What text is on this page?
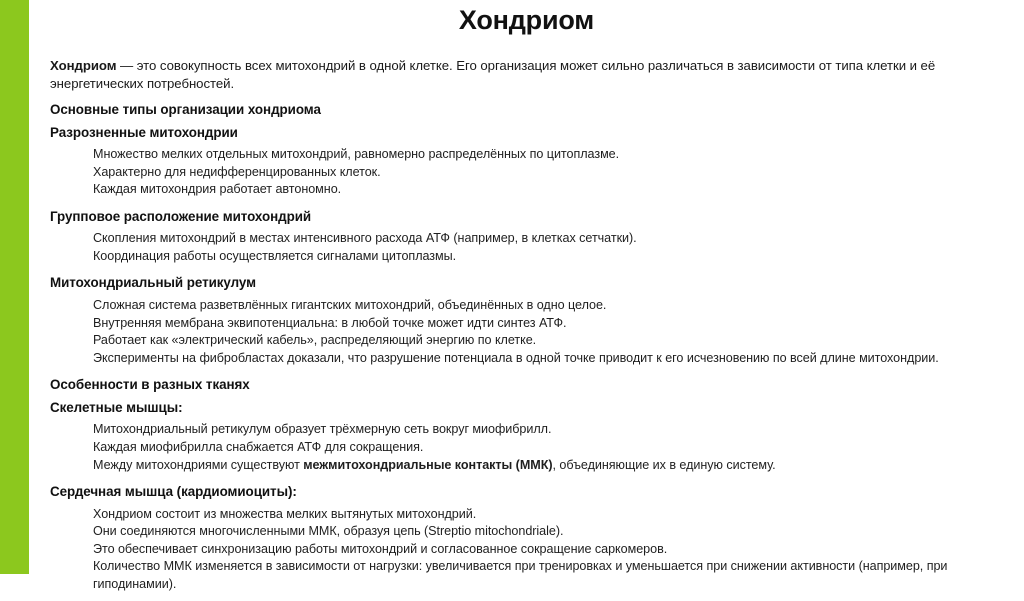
Хондриом

Хондриом — это совокупность всех митохондрий в одной клетке. Его организация может сильно различаться в зависимости от типа клетки и её энергетических потребностей.

Основные типы организации хондриома
Разрозненные митохондрии
Множество мелких отдельных митохондрий, равномерно распределённых по цитоплазме.
Характерно для недифференцированных клеток.
Каждая митохондрия работает автономно.
Групповое расположение митохондрий
Скопления митохондрий в местах интенсивного расхода АТФ (например, в клетках сетчатки).
Координация работы осуществляется сигналами цитоплазмы.
Митохондриальный ретикулум
Сложная система разветвлённых гигантских митохондрий, объединённых в одно целое.
Внутренняя мембрана эквипотенциальна: в любой точке может идти синтез АТФ.
Работает как «электрический кабель», распределяющий энергию по клетке.
Эксперименты на фибробластах доказали, что разрушение потенциала в одной точке приводит к его исчезновению по всей длине митохондрии.
Особенности в разных тканях
Скелетные мышцы:
Митохондриальный ретикулум образует трёхмерную сеть вокруг миофибрилл.
Каждая миофибрилла снабжается АТФ для сокращения.
Между митохондриями существуют межмитохондриальные контакты (ММК), объединяющие их в единую систему.
Сердечная мышца (кардиомиоциты):
Хондриом состоит из множества мелких вытянутых митохондрий.
Они соединяются многочисленными ММК, образуя цепь (Streptio mitochondriale).
Это обеспечивает синхронизацию работы митохондрий и согласованное сокращение саркомеров.
Количество ММК изменяется в зависимости от нагрузки: увеличивается при тренировках и уменьшается при снижении активности (например, при гиподинамии).
